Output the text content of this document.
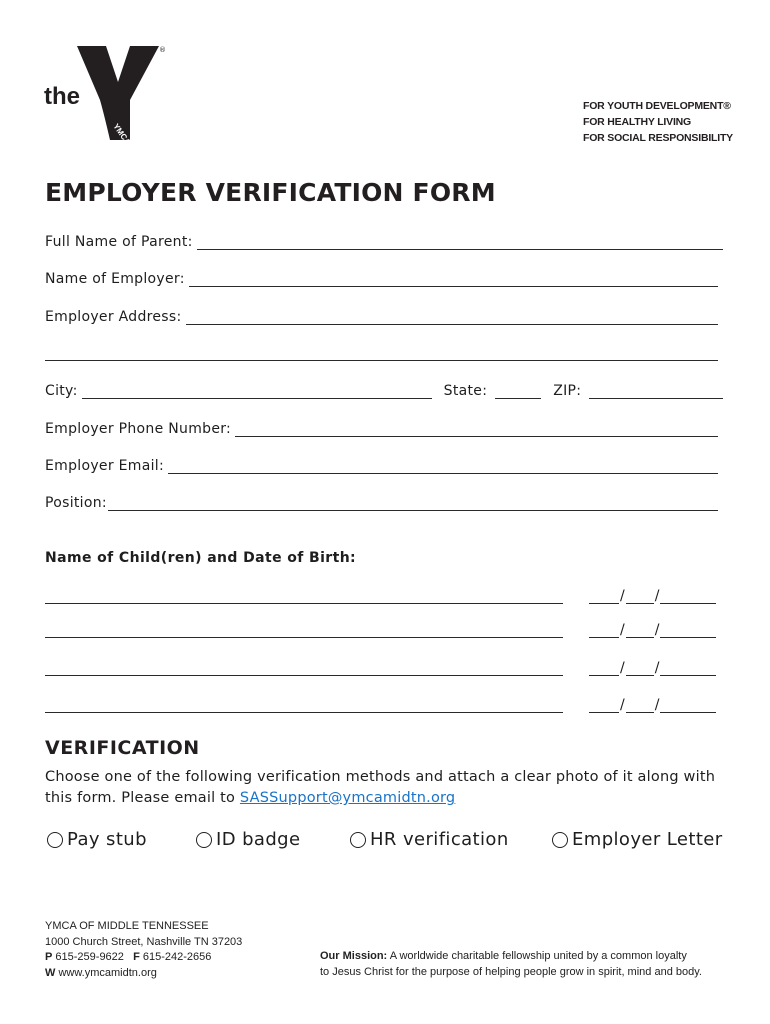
the
YMCA
®
FOR YOUTH DEVELOPMENT®
FOR HEALTHY LIVING
FOR SOCIAL RESPONSIBILITY
EMPLOYER VERIFICATION FORM
Full Name of Parent:
Name of Employer:
Employer Address:
City:	State:	ZIP:
Employer Phone Number:
Employer Email:
Position:
Name of Child(ren) and Date of Birth:
/ /
/ /
/ /
/ /
VERIFICATION
Choose one of the following verification methods and attach a clear photo of it along with this form. Please email to SASSupport@ymcamidtn.org
Pay stub	ID badge	HR verification	Employer Letter
YMCA OF MIDDLE TENNESSEE
1000 Church Street, Nashville TN 37203
P 615-259-9622 F 615-242-2656
W www.ymcamidtn.org
Our Mission: A worldwide charitable fellowship united by a common loyalty
to Jesus Christ for the purpose of helping people grow in spirit, mind and body.
